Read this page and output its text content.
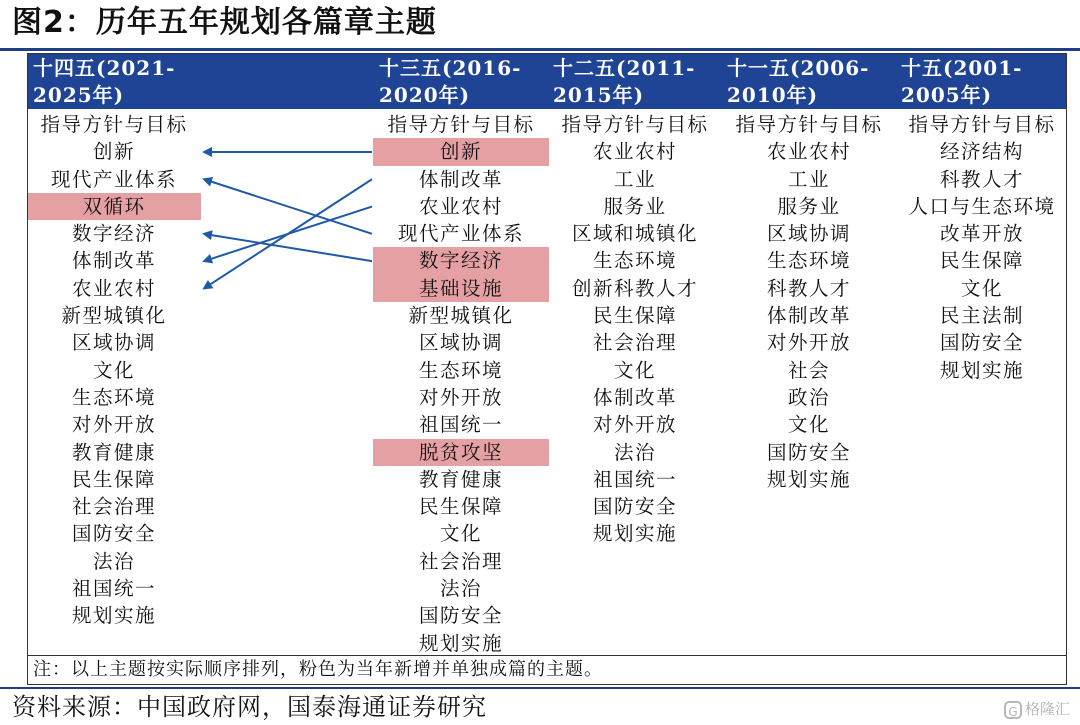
图2：历年五年规划各篇章主题
十四五(2021-
2025年)
十三五(2016-
2020年)
十二五(2011-
2015年)
十一五(2006-
2010年)
十五(2001-
2005年)
指导方针与目标
创新
现代产业体系
双循环
数字经济
体制改革
农业农村
新型城镇化
区域协调
文化
生态环境
对外开放
教育健康
民生保障
社会治理
国防安全
法治
祖国统一
规划实施
指导方针与目标
创新
体制改革
农业农村
现代产业体系
数字经济
基础设施
新型城镇化
区域协调
生态环境
对外开放
祖国统一
脱贫攻坚
教育健康
民生保障
文化
社会治理
法治
国防安全
规划实施
指导方针与目标
农业农村
工业
服务业
区域和城镇化
生态环境
创新科教人才
民生保障
社会治理
文化
体制改革
对外开放
法治
祖国统一
国防安全
规划实施
指导方针与目标
农业农村
工业
服务业
区域协调
生态环境
科教人才
体制改革
对外开放
社会
政治
文化
国防安全
规划实施
指导方针与目标
经济结构
科教人才
人口与生态环境
改革开放
民生保障
文化
民主法制
国防安全
规划实施
注：以上主题按实际顺序排列，粉色为当年新增并单独成篇的主题。
资料来源：中国政府网，国泰海通证券研究	G 格隆汇
